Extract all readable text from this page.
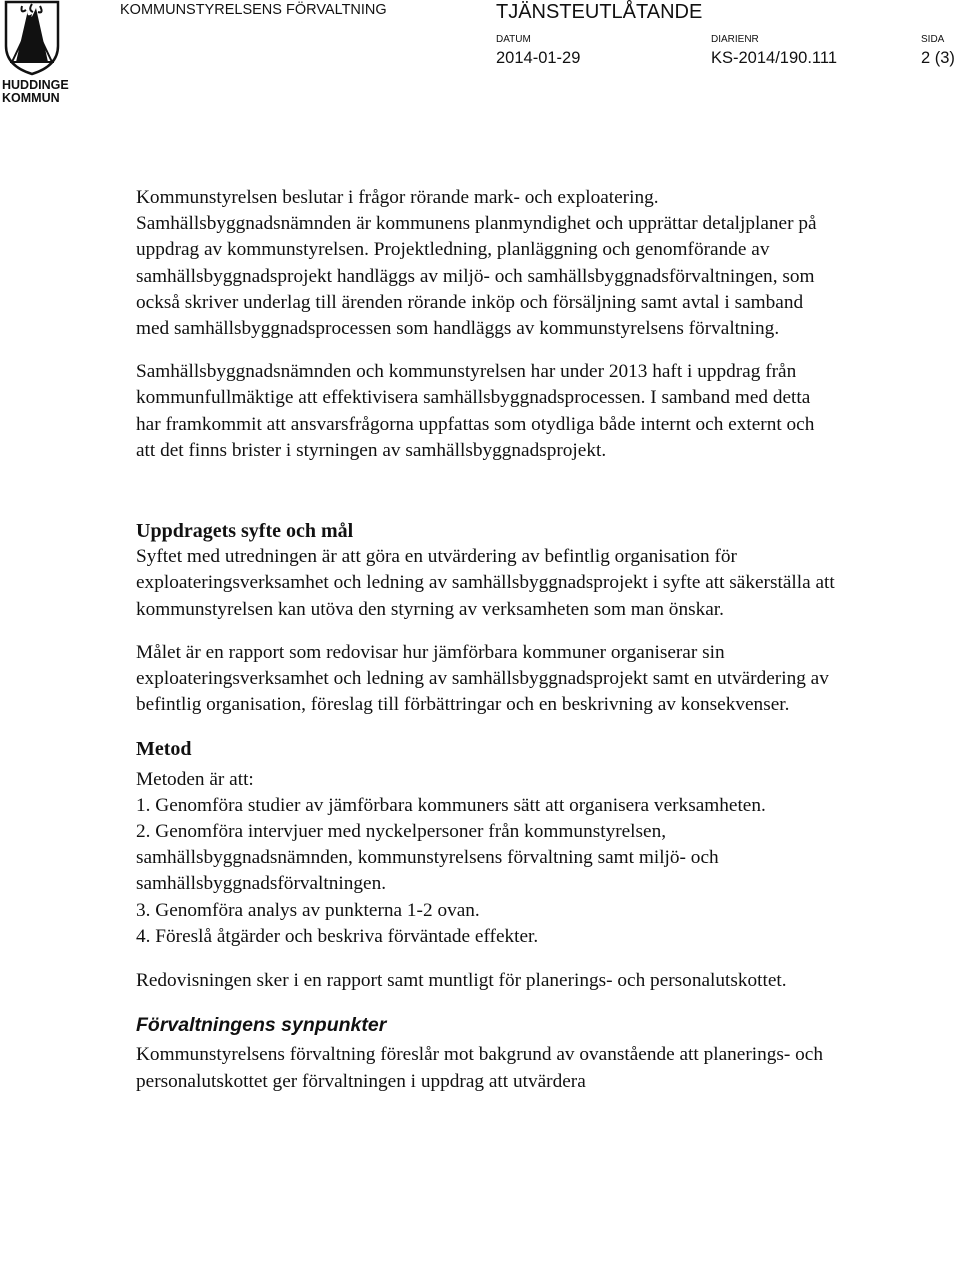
HUDDINGE
KOMMUN
KOMMUNSTYRELSENS FÖRVALTNING	TJÄNSTEUTLÅTANDE
DATUM
2014-01-29
DIARIENR
KS-2014/190.111
SIDA
2 (3)

Kommunstyrelsen beslutar i frågor rörande mark- och exploatering. Samhällsbyggnadsnämnden är kommunens planmyndighet och upprättar detaljplaner på uppdrag av kommunstyrelsen. Projektledning, planläggning och genomförande av samhällsbyggnadsprojekt handläggs av miljö- och samhällsbyggnadsförvaltningen, som också skriver underlag till ärenden rörande inköp och försäljning samt avtal i samband med samhällsbyggnadsprocessen som handläggs av kommunstyrelsens förvaltning.

Samhällsbyggnadsnämnden och kommunstyrelsen har under 2013 haft i uppdrag från kommunfullmäktige att effektivisera samhällsbyggnadsprocessen. I samband med detta har framkommit att ansvarsfrågorna uppfattas som otydliga både internt och externt och att det finns brister i styrningen av samhällsbyggnadsprojekt.

Uppdragets syfte och mål

Syftet med utredningen är att göra en utvärdering av befintlig organisation för exploateringsverksamhet och ledning av samhällsbyggnadsprojekt i syfte att säkerställa att kommunstyrelsen kan utöva den styrning av verksamheten som man önskar.

Målet är en rapport som redovisar hur jämförbara kommuner organiserar sin exploateringsverksamhet och ledning av samhällsbyggnadsprojekt samt en utvärdering av befintlig organisation, föreslag till förbättringar och en beskrivning av konsekvenser.

Metod

Metoden är att:

1. Genomföra studier av jämförbara kommuners sätt att organisera verksamheten.

2. Genomföra intervjuer med nyckelpersoner från kommunstyrelsen, samhällsbyggnadsnämnden, kommunstyrelsens förvaltning samt miljö- och samhällsbyggnadsförvaltningen.

3. Genomföra analys av punkterna 1-2 ovan.

4. Föreslå åtgärder och beskriva förväntade effekter.

Redovisningen sker i en rapport samt muntligt för planerings- och personalutskottet.

Förvaltningens synpunkter

Kommunstyrelsens förvaltning föreslår mot bakgrund av ovanstående att planerings- och personalutskottet ger förvaltningen i uppdrag att utvärdera
